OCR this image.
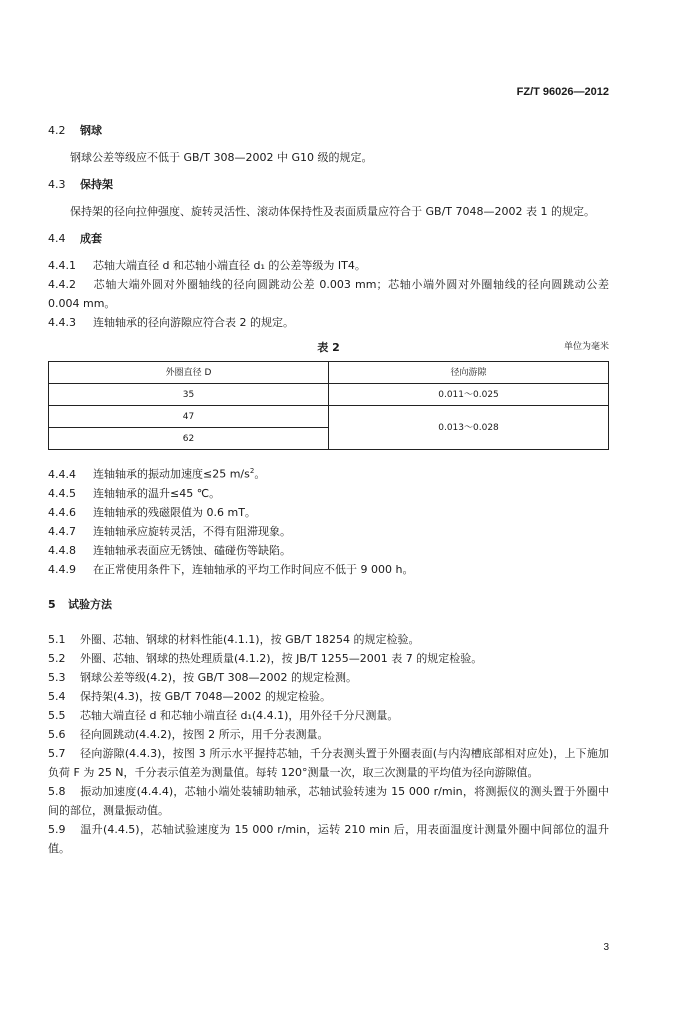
FZ/T 96026—2012

4.2 钢球

钢球公差等级应不低于 GB/T 308—2002 中 G10 级的规定。

4.3 保持架

保持架的径向拉伸强度、旋转灵活性、滚动体保持性及表面质量应符合于 GB/T 7048—2002 表 1 的规定。

4.4 成套

4.4.1 芯轴大端直径 d 和芯轴小端直径 d₁ 的公差等级为 IT4。

4.4.2 芯轴大端外圆对外圈轴线的径向圆跳动公差 0.003 mm；芯轴小端外圆对外圈轴线的径向圆跳动公差 0.004 mm。

4.4.3 连轴轴承的径向游隙应符合表 2 的规定。

表 2	单位为毫米
外圈直径 D	径向游隙
35	0.011～0.025
47	0.013～0.028
62	

4.4.4 连轴轴承的振动加速度≤25 $m/s^2$。

4.4.5 连轴轴承的温升≤45 ℃。

4.4.6 连轴轴承的残磁限值为 0.6 mT。

4.4.7 连轴轴承应旋转灵活，不得有阻滞现象。

4.4.8 连轴轴承表面应无锈蚀、磕碰伤等缺陷。

4.4.9 在正常使用条件下，连轴轴承的平均工作时间应不低于 9 000 h。

5 试验方法

5.1 外圈、芯轴、钢球的材料性能(4.1.1)，按 GB/T 18254 的规定检验。

5.2 外圈、芯轴、钢球的热处理质量(4.1.2)，按 JB/T 1255—2001 表 7 的规定检验。

5.3 钢球公差等级(4.2)，按 GB/T 308—2002 的规定检测。

5.4 保持架(4.3)，按 GB/T 7048—2002 的规定检验。

5.5 芯轴大端直径 d 和芯轴小端直径 d₁(4.4.1)，用外径千分尺测量。

5.6 径向圆跳动(4.4.2)，按图 2 所示，用千分表测量。

5.7 径向游隙(4.4.3)，按图 3 所示水平握持芯轴，千分表测头置于外圈表面(与内沟槽底部相对应处)，上下施加负荷 F 为 25 N，千分表示值差为测量值。每转 120°测量一次，取三次测量的平均值为径向游隙值。

5.8 振动加速度(4.4.4)，芯轴小端处装辅助轴承，芯轴试验转速为 15 000 r/min，将测振仪的测头置于外圈中间的部位，测量振动值。

5.9 温升(4.4.5)，芯轴试验速度为 15 000 r/min，运转 210 min 后，用表面温度计测量外圈中间部位的温升值。

3
